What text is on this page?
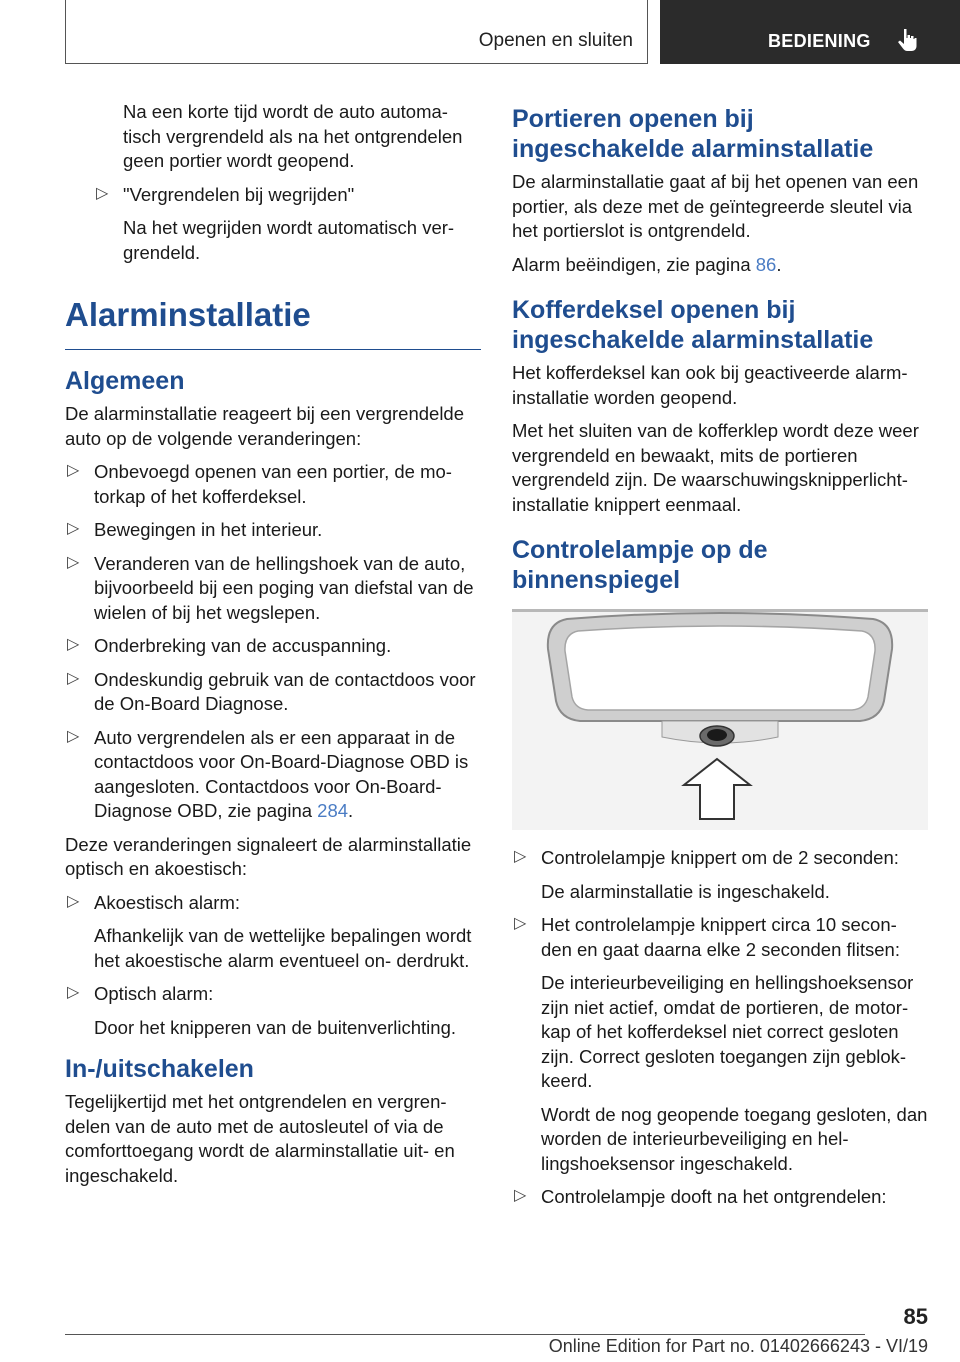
Openen en sluiten	BEDIENING

Na een korte tijd wordt de auto automa‐ tisch vergrendeld als na het ontgrendelen geen portier wordt geopend.

▷ "Vergrendelen bij wegrijden"

Na het wegrijden wordt automatisch ver‐ grendeld.

Alarminstallatie
Algemeen

De alarminstallatie reageert bij een vergrendelde auto op de volgende veranderingen:

▷ Onbevoegd openen van een portier, de mo‐ torkap of het kofferdeksel.
▷ Bewegingen in het interieur.
▷ Veranderen van de hellingshoek van de auto, bijvoorbeeld bij een poging van diefstal van de wielen of bij het wegslepen.
▷ Onderbreking van de accuspanning.
▷ Ondeskundig gebruik van de contactdoos voor de On-Board Diagnose.
▷ Auto vergrendelen als er een apparaat in de contactdoos voor On-Board-Diagnose OBD is aangesloten. Contactdoos voor On-Board- Diagnose OBD, zie pagina 284.

Deze veranderingen signaleert de alarminstallatie optisch en akoestisch:

▷ Akoestisch alarm:

Afhankelijk van de wettelijke bepalingen wordt het akoestische alarm eventueel on‐ derdrukt.

▷ Optisch alarm:

Door het knipperen van de buitenverlichting.

In-/uitschakelen

Tegelijkertijd met het ontgrendelen en vergren‐ delen van de auto met de autosleutel of via de comforttoegang wordt de alarminstallatie uit- en ingeschakeld.

Portieren openen bij ingeschakelde alarminstallatie

De alarminstallatie gaat af bij het openen van een portier, als deze met de geïntegreerde sleutel via het portierslot is ontgrendeld.

Alarm beëindigen, zie pagina 86.

Kofferdeksel openen bij ingeschakelde alarminstallatie

Het kofferdeksel kan ook bij geactiveerde alarm‐ installatie worden geopend.

Met het sluiten van de kofferklep wordt deze weer vergrendeld en bewaakt, mits de portieren vergrendeld zijn. De waarschuwingsknipperlicht‐ installatie knippert eenmaal.

Controlelampje op de binnenspiegel
▷ Controlelampje knippert om de 2 seconden:

De alarminstallatie is ingeschakeld.

▷ Het controlelampje knippert circa 10 secon‐ den en gaat daarna elke 2 seconden flitsen:

De interieurbeveiliging en hellingshoeksensor zijn niet actief, omdat de portieren, de motor‐ kap of het kofferdeksel niet correct gesloten zijn. Correct gesloten toegangen zijn geblok‐ keerd.

Wordt de nog geopende toegang gesloten, dan worden de interieurbeveiliging en hel‐ lingshoeksensor ingeschakeld.

▷ Controlelampje dooft na het ontgrendelen:

85
Online Edition for Part no. 01402666243 - VI/19
